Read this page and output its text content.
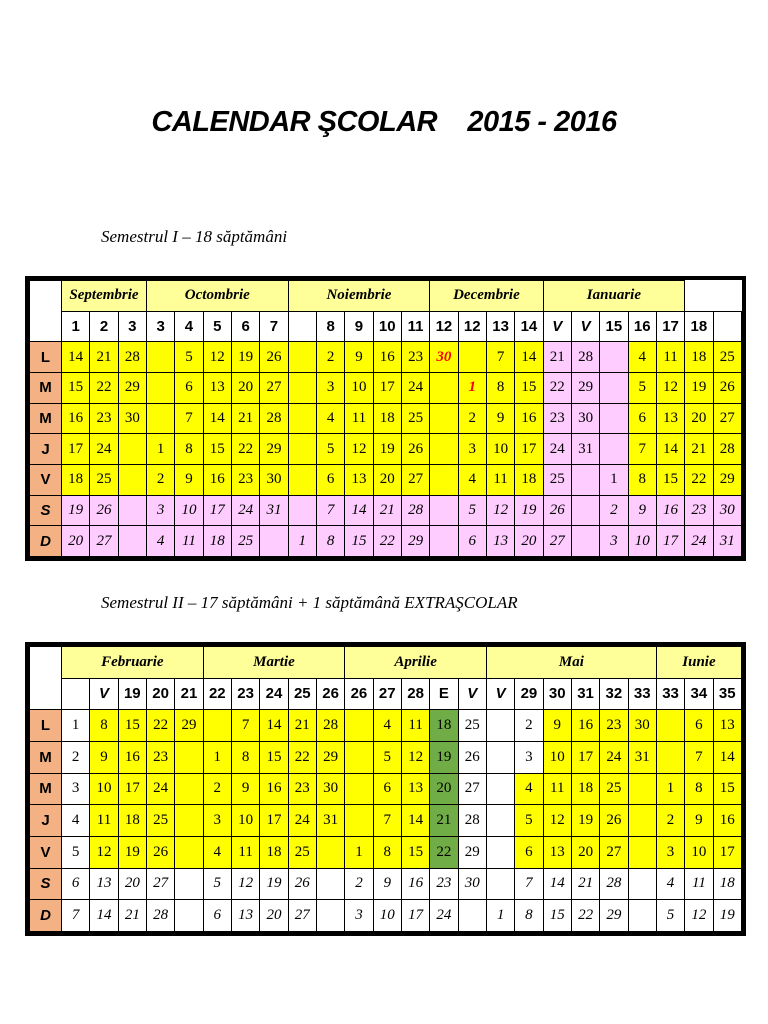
CALENDAR ŞCOLAR    2015 - 2016
Semestrul I – 18 săptămâni
	Septembrie			Octombrie					Noiembrie					Decembrie				Ianuarie						
	1	2	3	3	4	5	6	7		8	9	10	11	12	12	13	14	V	V	15	16	17	18	
L	14	21	28		5	12	19	26		2	9	16	23	30		7	14	21	28		4	11	18	25
M	15	22	29		6	13	20	27		3	10	17	24		1	8	15	22	29		5	12	19	26
M	16	23	30		7	14	21	28		4	11	18	25		2	9	16	23	30		6	13	20	27
J	17	24		1	8	15	22	29		5	12	19	26		3	10	17	24	31		7	14	21	28
V	18	25		2	9	16	23	30		6	13	20	27		4	11	18	25		1	8	15	22	29
S	19	26		3	10	17	24	31		7	14	21	28		5	12	19	26		2	9	16	23	30
D	20	27		4	11	18	25		1	8	15	22	29		6	13	20	27		3	10	17	24	31
Semestrul II – 17 săptămâni + 1 săptămână EXTRAŞCOLAR
	Februarie					Martie					Aprilie					Mai						Iunie		
		V	19	20	21	22	23	24	25	26	26	27	28	E	V	V	29	30	31	32	33	33	34	35
L	1	8	15	22	29		7	14	21	28		4	11	18	25		2	9	16	23	30		6	13
M	2	9	16	23		1	8	15	22	29		5	12	19	26		3	10	17	24	31		7	14
M	3	10	17	24		2	9	16	23	30		6	13	20	27		4	11	18	25		1	8	15
J	4	11	18	25		3	10	17	24	31		7	14	21	28		5	12	19	26		2	9	16
V	5	12	19	26		4	11	18	25		1	8	15	22	29		6	13	20	27		3	10	17
S	6	13	20	27		5	12	19	26		2	9	16	23	30		7	14	21	28		4	11	18
D	7	14	21	28		6	13	20	27		3	10	17	24		1	8	15	22	29		5	12	19
